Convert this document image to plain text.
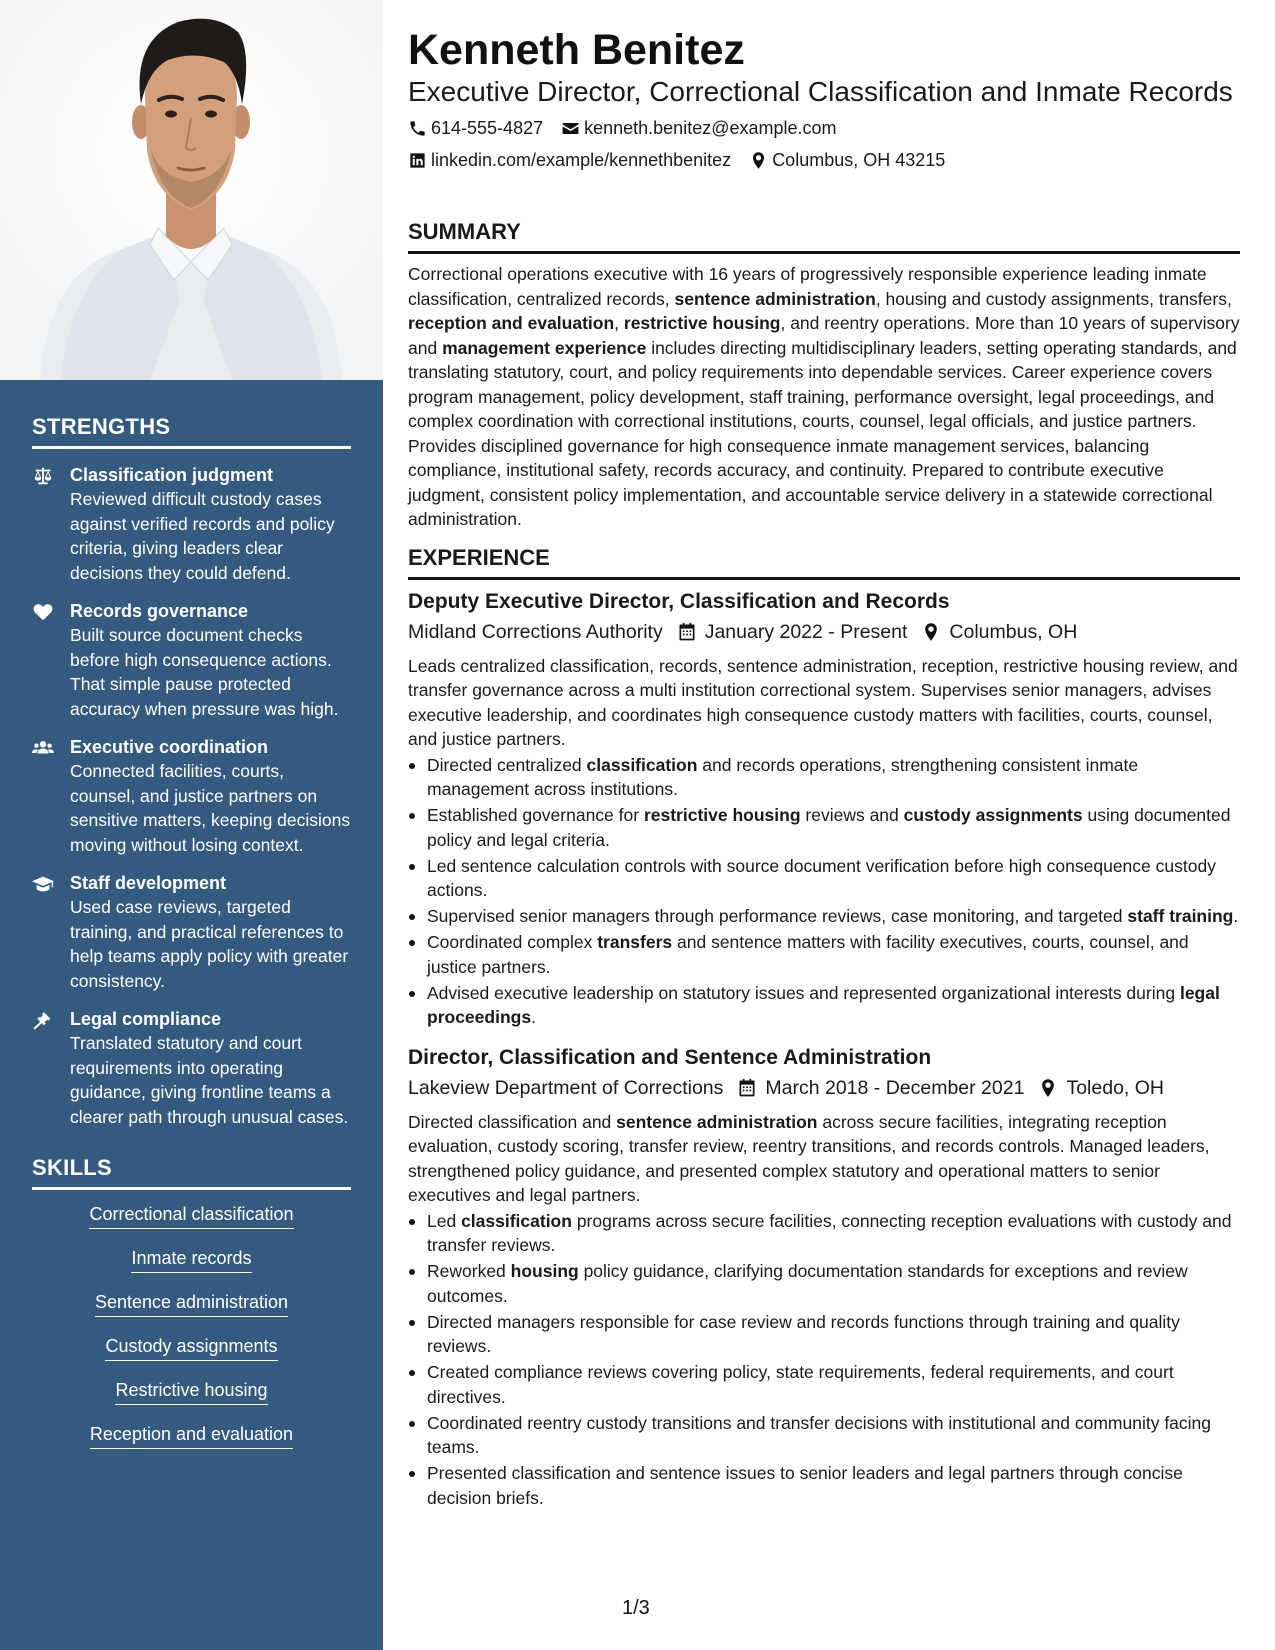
STRENGTHS
Classification judgment
Reviewed difficult custody cases against verified records and policy criteria, giving leaders clear decisions they could defend.
Records governance
Built source document checks before high consequence actions. That simple pause protected accuracy when pressure was high.
Executive coordination
Connected facilities, courts, counsel, and justice partners on sensitive matters, keeping decisions moving without losing context.
Staff development
Used case reviews, targeted training, and practical references to help teams apply policy with greater consistency.
Legal compliance
Translated statutory and court requirements into operating guidance, giving frontline teams a clearer path through unusual cases.
SKILLS
Correctional classification
Inmate records
Sentence administration
Custody assignments
Restrictive housing
Reception and evaluation
Kenneth Benitez
Executive Director, Correctional Classification and Inmate Records
614-555-4827 kenneth.benitez@example.com
linkedin.com/example/kennethbenitez Columbus, OH 43215
SUMMARY
Correctional operations executive with 16 years of progressively responsible experience leading inmate classification, centralized records, sentence administration, housing and custody assignments, transfers, reception and evaluation, restrictive housing, and reentry operations. More than 10 years of supervisory and management experience includes directing multidisciplinary leaders, setting operating standards, and translating statutory, court, and policy requirements into dependable services. Career experience covers program management, policy development, staff training, performance oversight, legal proceedings, and complex coordination with correctional institutions, courts, counsel, legal officials, and justice partners. Provides disciplined governance for high consequence inmate management services, balancing compliance, institutional safety, records accuracy, and continuity. Prepared to contribute executive judgment, consistent policy implementation, and accountable service delivery in a statewide correctional administration.
EXPERIENCE
Deputy Executive Director, Classification and Records
Midland Corrections Authority January 2022 - Present Columbus, OH
Leads centralized classification, records, sentence administration, reception, restrictive housing review, and transfer governance across a multi institution correctional system. Supervises senior managers, advises executive leadership, and coordinates high consequence custody matters with facilities, courts, counsel, and justice partners.
Directed centralized classification and records operations, strengthening consistent inmate management across institutions.
Established governance for restrictive housing reviews and custody assignments using documented policy and legal criteria.
Led sentence calculation controls with source document verification before high consequence custody actions.
Supervised senior managers through performance reviews, case monitoring, and targeted staff training.
Coordinated complex transfers and sentence matters with facility executives, courts, counsel, and justice partners.
Advised executive leadership on statutory issues and represented organizational interests during legal proceedings.
Director, Classification and Sentence Administration
Lakeview Department of Corrections March 2018 - December 2021 Toledo, OH
Directed classification and sentence administration across secure facilities, integrating reception evaluation, custody scoring, transfer review, reentry transitions, and records controls. Managed leaders, strengthened policy guidance, and presented complex statutory and operational matters to senior executives and legal partners.
Led classification programs across secure facilities, connecting reception evaluations with custody and transfer reviews.
Reworked housing policy guidance, clarifying documentation standards for exceptions and review outcomes.
Directed managers responsible for case review and records functions through training and quality reviews.
Created compliance reviews covering policy, state requirements, federal requirements, and court directives.
Coordinated reentry custody transitions and transfer decisions with institutional and community facing teams.
Presented classification and sentence issues to senior leaders and legal partners through concise decision briefs.
1/3
